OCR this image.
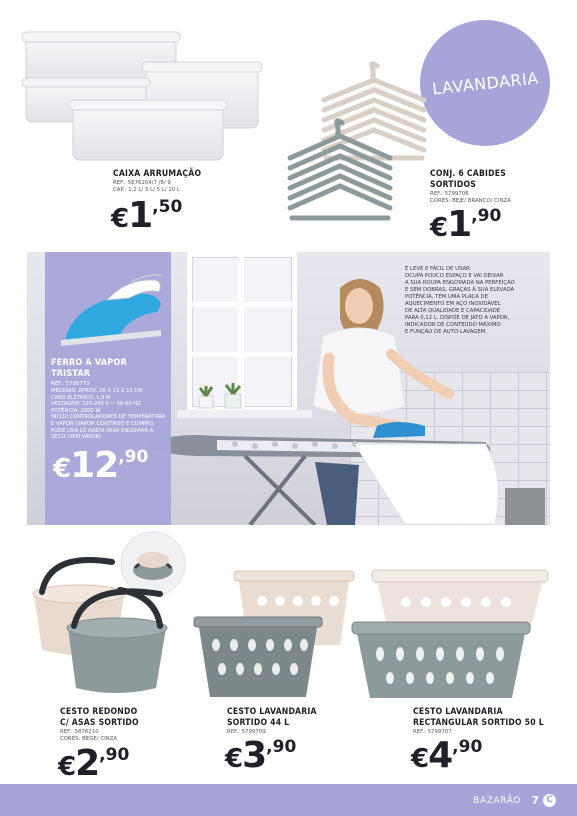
CAIXA ARRUMAÇÃO
REF.: 5876204/7 /8/ 9
CAP.: 1,2 L/ 3 L/ 5 L/ 10 L
€1,50
LAVANDARIA
CONJ. 6 CABIDES
SORTIDOS
REF.: 5799706
CORES: BEJE/ BRANCO/ CINZA
€1,90
FERRO A VAPOR
TRISTAR
REF.: 5795772
MEDIDAS: APROX. 26 X 13 X 11 CM
CABO ELÉTRICO: 1,9 M
VOLTAGEM: 220-240 V ~ 50-60 HZ
POTÊNCIA: 2000 W
INCLUI CONTROLADORES DE TEMPERATURA
E VAPOR (VAPOR CONTÍNUO E CUMPRI)
PODE USÁ-LO AINDA PARA ENGOMAR A
SECO (SEM VAPOR)
€12,90
É LEVE E FÁCIL DE USAR:
OCUPA POUCO ESPAÇO E VAI DEIXAR
A SUA ROUPA ENGOMADA NA PERFEIÇÃO
E SEM DOBRAS, GRAÇAS À SUA ELEVADA
POTÊNCIA, TEM UMA PLACA DE
AQUECIMENTO EM AÇO INOXIDÁVEL
DE ALTA QUALIDADE E CAPACIDADE
PARA 0,12 L. DISPÕE DE JATO A VAPOR,
INDICADOR DE CONTEÚDO MÁXIMO
E FUNÇÃO DE AUTO-LAVAGEM.
CESTO REDONDO
C/ ASAS SORTIDO
REF.: 5876210
CORES: BEGE/ CINZA
€2,90
CESTO LAVANDARIA
SORTIDO 44 L
REF.: 5799709
€3,90
CESTO LAVANDARIA
RECTANGULAR SORTIDO 50 L
REF.: 5799707
€4,90
BAZARÃO 7 C
